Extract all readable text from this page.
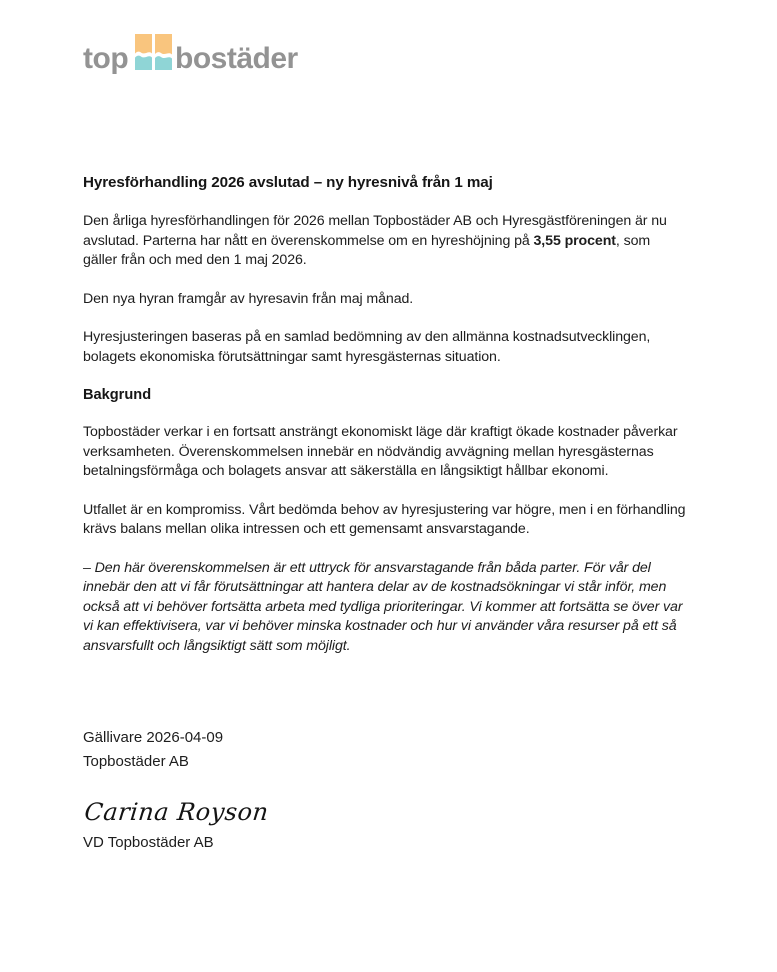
top bostäder
Hyresförhandling 2026 avslutad – ny hyresnivå från 1 maj

Den årliga hyresförhandlingen för 2026 mellan Topbostäder AB och Hyresgästföreningen är nu avslutad. Parterna har nått en överenskommelse om en hyreshöjning på 3,55 procent, som gäller från och med den 1 maj 2026.

Den nya hyran framgår av hyresavin från maj månad.

Hyresjusteringen baseras på en samlad bedömning av den allmänna kostnadsutvecklingen, bolagets ekonomiska förutsättningar samt hyresgästernas situation.

Bakgrund

Topbostäder verkar i en fortsatt ansträngt ekonomiskt läge där kraftigt ökade kostnader påverkar verksamheten. Överenskommelsen innebär en nödvändig avvägning mellan hyresgästernas betalningsförmåga och bolagets ansvar att säkerställa en långsiktigt hållbar ekonomi.

Utfallet är en kompromiss. Vårt bedömda behov av hyresjustering var högre, men i en förhandling krävs balans mellan olika intressen och ett gemensamt ansvarstagande.

– Den här överenskommelsen är ett uttryck för ansvarstagande från båda parter. För vår del innebär den att vi får förutsättningar att hantera delar av de kostnadsökningar vi står inför, men också att vi behöver fortsätta arbeta med tydliga prioriteringar. Vi kommer att fortsätta se över var vi kan effektivisera, var vi behöver minska kostnader och hur vi använder våra resurser på ett så ansvarsfullt och långsiktigt sätt som möjligt.

Gällivare 2026-04-09
Topbostäder AB
Carina Royson
VD Topbostäder AB
